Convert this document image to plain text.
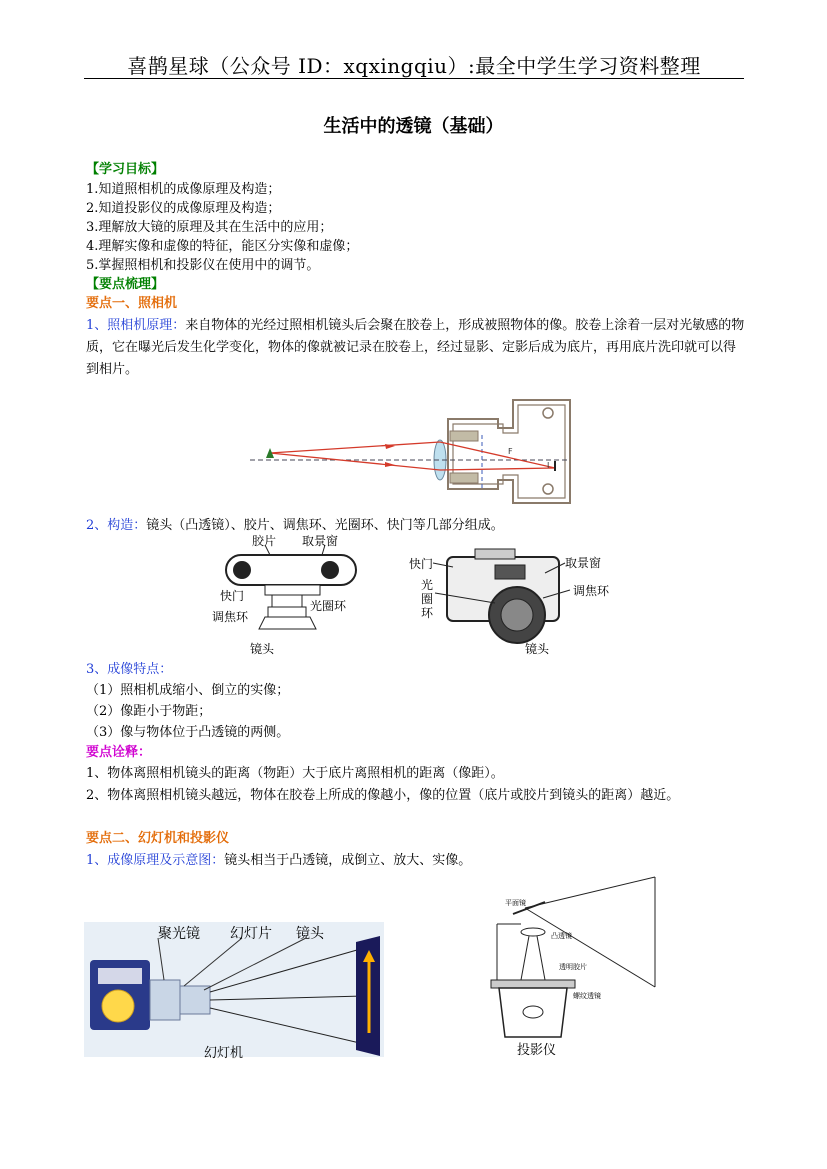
喜鹊星球（公众号 ID：xqxingqiu）:最全中学生学习资料整理
生活中的透镜（基础）
【学习目标】
1.知道照相机的成像原理及构造；
2.知道投影仪的成像原理及构造；
3.理解放大镜的原理及其在生活中的应用；
4.理解实像和虚像的特征，能区分实像和虚像；
5.掌握照相机和投影仪在使用中的调节。
【要点梳理】
要点一、照相机
1、照相机原理：来自物体的光经过照相机镜头后会聚在胶卷上，形成被照物体的像。胶卷上涂着一层对光敏感的物质，它在曝光后发生化学变化，物体的像就被记录在胶卷上，经过显影、定影后成为底片，再用底片洗印就可以得到相片。
F
I
2、构造：镜头（凸透镜）、胶片、调焦环、光圈环、快门等几部分组成。
胶片 取景窗
快门
光圈环
调焦环
镜头
快门	取景窗
光
圈
环
调焦环
镜头
3、成像特点：
（1）照相机成缩小、倒立的实像；
（2）像距小于物距；
（3）像与物体位于凸透镜的两侧。
要点诠释：
1、物体离照相机镜头的距离（物距）大于底片离照相机的距离（像距）。
2、物体离照相机镜头越远，物体在胶卷上所成的像越小，像的位置（底片或胶片到镜头的距离）越近。
要点二、幻灯机和投影仪
1、成像原理及示意图：镜头相当于凸透镜，成倒立、放大、实像。
聚光镜 幻灯片 镜头
幻灯机
平面镜
凸透镜
透明胶片
螺纹透镜
投影仪
